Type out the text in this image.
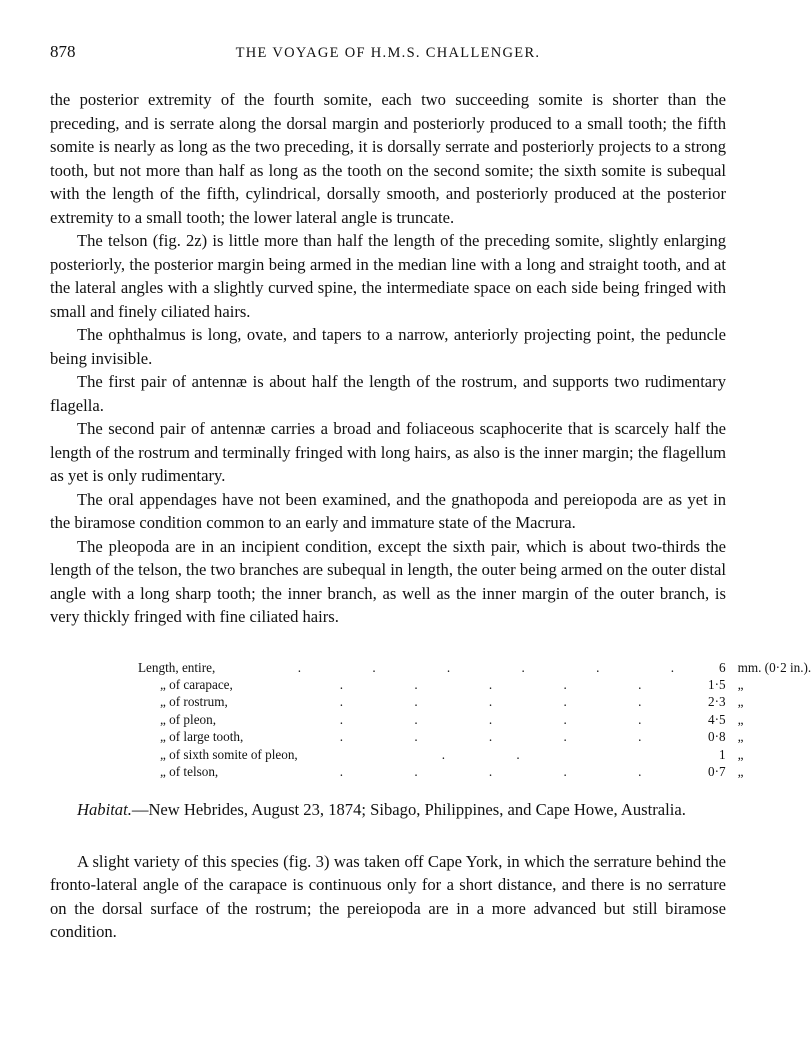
878	THE VOYAGE OF H.M.S. CHALLENGER.

the posterior extremity of the fourth somite, each two succeeding somite is shorter than the preceding, and is serrate along the dorsal margin and posteriorly produced to a small tooth; the fifth somite is nearly as long as the two preceding, it is dorsally serrate and posteriorly projects to a strong tooth, but not more than half as long as the tooth on the second somite; the sixth somite is subequal with the length of the fifth, cylindrical, dorsally smooth, and posteriorly produced at the posterior extremity to a small tooth; the lower lateral angle is truncate.

The telson (fig. 2z) is little more than half the length of the preceding somite, slightly enlarging posteriorly, the posterior margin being armed in the median line with a long and straight tooth, and at the lateral angles with a slightly curved spine, the intermediate space on each side being fringed with small and finely ciliated hairs.

The ophthalmus is long, ovate, and tapers to a narrow, anteriorly projecting point, the peduncle being invisible.

The first pair of antennæ is about half the length of the rostrum, and supports two rudimentary flagella.

The second pair of antennæ carries a broad and foliaceous scaphocerite that is scarcely half the length of the rostrum and terminally fringed with long hairs, as also is the inner margin; the flagellum as yet is only rudimentary.

The oral appendages have not been examined, and the gnathopoda and pereiopoda are as yet in the biramose condition common to an early and immature state of the Macrura.

The pleopoda are in an incipient condition, except the sixth pair, which is about two-thirds the length of the telson, the two branches are subequal in length, the outer being armed on the outer distal angle with a long sharp tooth; the inner branch, as well as the inner margin of the outer branch, is very thickly fringed with fine ciliated hairs.

Length, entire,	. . . . . .	6	mm. (0·2 in.).
„ of carapace,	. . . . .	1·5	„
„ of rostrum,	. . . . .	2·3	„
„ of pleon,	. . . . .	4·5	„
„ of large tooth,	. . . . .	0·8	„
„ of sixth somite of pleon,	. .	1	„
„ of telson,	. . . . .	0·7	„

Habitat.—New Hebrides, August 23, 1874; Sibago, Philippines, and Cape Howe, Australia.

A slight variety of this species (fig. 3) was taken off Cape York, in which the serrature behind the fronto-lateral angle of the carapace is continuous only for a short distance, and there is no serrature on the dorsal surface of the rostrum; the pereiopoda are in a more advanced but still biramose condition.
